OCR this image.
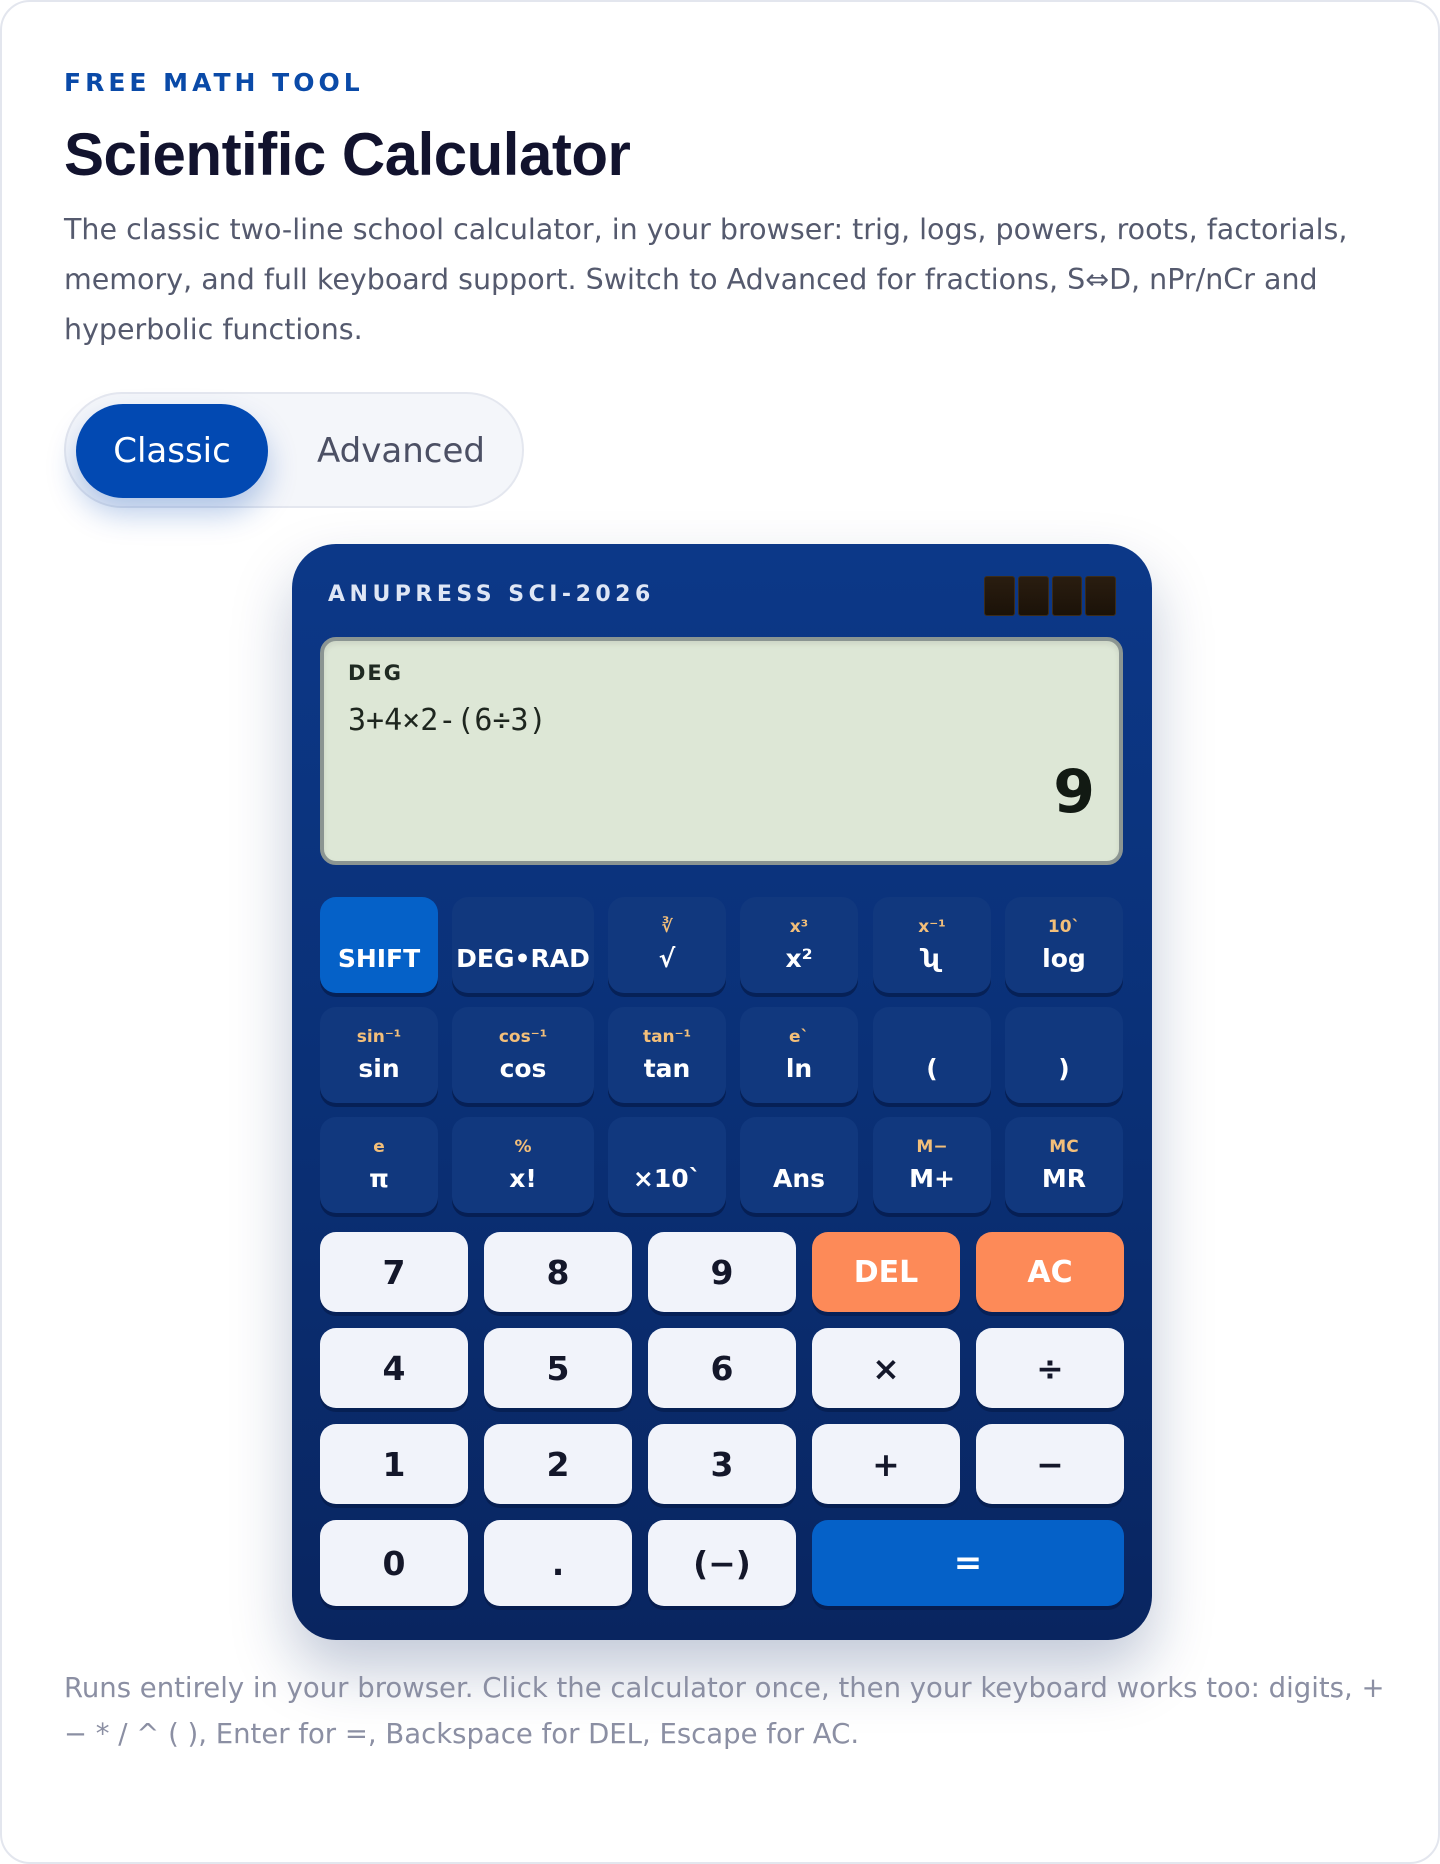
FREE MATH TOOL
Scientific Calculator

The classic two-line school calculator, in your browser: trig, logs, powers, roots, factorials, memory, and full keyboard support. Switch to Advanced for fractions, S⇔D, nPr/nCr and hyperbolic functions.

Classic	Advanced
ANUPRESS SCI-2026
DEG
3+4×2-(6÷3)
9
SHIFT DEG•RAD
∛
√
x³
x²
x⁻¹
ʯ
10`
log
sin⁻¹
sin
cos⁻¹
cos
tan⁻¹
tan
e`
ln	(	)
e
π
%
x!	×10`	Ans
M−
M+
MC
MR
7	8	9	DEL	AC
4	5	6	×	÷
1	2	3	+	−
0	.	(−)	=

Runs entirely in your browser. Click the calculator once, then your keyboard works too: digits, + − * / ^ ( ), Enter for =, Backspace for DEL, Escape for AC.
